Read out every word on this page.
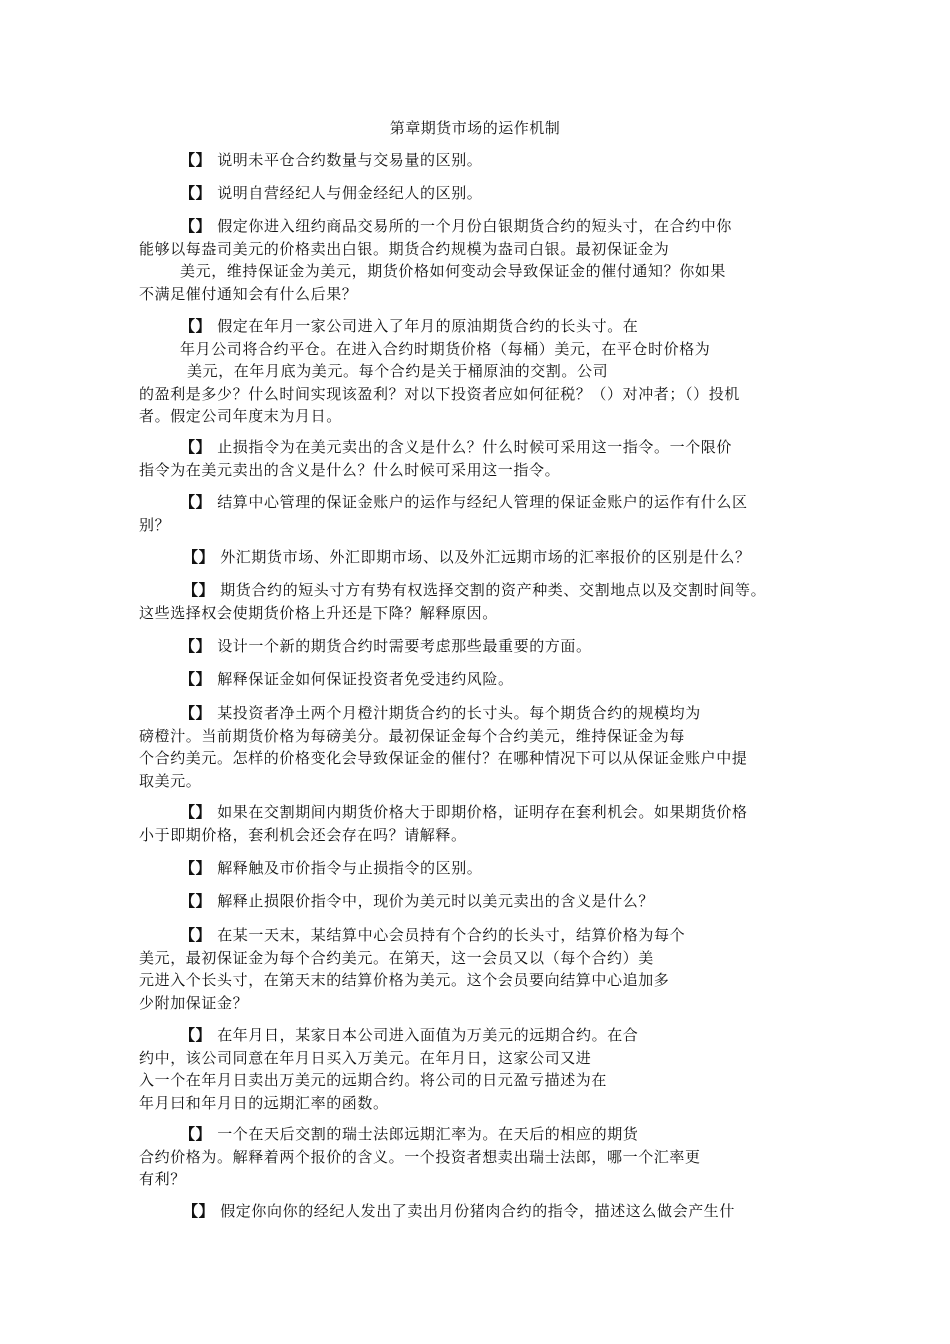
第章期货市场的运作机制
【】 说明未平仓合约数量与交易量的区别。
【】 说明自营经纪人与佣金经纪人的区别。
【】 假定你进入纽约商品交易所的一个月份白银期货合约的短头寸，在合约中你
能够以每盎司美元的价格卖出白银。期货合约规模为盎司白银。最初保证金为
美元，维持保证金为美元，期货价格如何变动会导致保证金的催付通知？你如果
不满足催付通知会有什么后果？
【】 假定在年月一家公司进入了年月的原油期货合约的长头寸。在
年月公司将合约平仓。在进入合约时期货价格（每桶）美元，在平仓时价格为
美元，在年月底为美元。每个合约是关于桶原油的交割。公司
的盈利是多少？什么时间实现该盈利？对以下投资者应如何征税？（）对冲者；（）投机
者。假定公司年度末为月日。
【】 止损指令为在美元卖出的含义是什么？什么时候可采用这一指令。一个限价
指令为在美元卖出的含义是什么？什么时候可采用这一指令。
【】 结算中心管理的保证金账户的运作与经纪人管理的保证金账户的运作有什么区
别？
【】 外汇期货市场、外汇即期市场、以及外汇远期市场的汇率报价的区别是什么？
【】 期货合约的短头寸方有势有权选择交割的资产种类、交割地点以及交割时间等。
这些选择权会使期货价格上升还是下降？解释原因。
【】 设计一个新的期货合约时需要考虑那些最重要的方面。
【】 解释保证金如何保证投资者免受违约风险。
【】 某投资者净土两个月橙汁期货合约的长寸头。每个期货合约的规模均为
磅橙汁。当前期货价格为每磅美分。最初保证金每个合约美元，维持保证金为每
个合约美元。怎样的价格变化会导致保证金的催付？在哪种情况下可以从保证金账户中提
取美元。
【】 如果在交割期间内期货价格大于即期价格，证明存在套利机会。如果期货价格
小于即期价格，套利机会还会存在吗？请解释。
【】 解释触及市价指令与止损指令的区别。
【】 解释止损限价指令中，现价为美元时以美元卖出的含义是什么？
【】 在某一天末，某结算中心会员持有个合约的长头寸，结算价格为每个
美元，最初保证金为每个合约美元。在第天，这一会员又以（每个合约）美
元进入个长头寸，在第天末的结算价格为美元。这个会员要向结算中心追加多
少附加保证金？
【】 在年月日，某家日本公司进入面值为万美元的远期合约。在合
约中，该公司同意在年月日买入万美元。在年月日，这家公司又进
入一个在年月日卖出万美元的远期合约。将公司的日元盈亏描述为在
年月曰和年月日的远期汇率的函数。
【】 一个在天后交割的瑞士法郎远期汇率为。在天后的相应的期货
合约价格为。解释着两个报价的含义。一个投资者想卖出瑞士法郎，哪一个汇率更
有利？
【】 假定你向你的经纪人发出了卖出月份猪肉合约的指令，描述这么做会产生什
